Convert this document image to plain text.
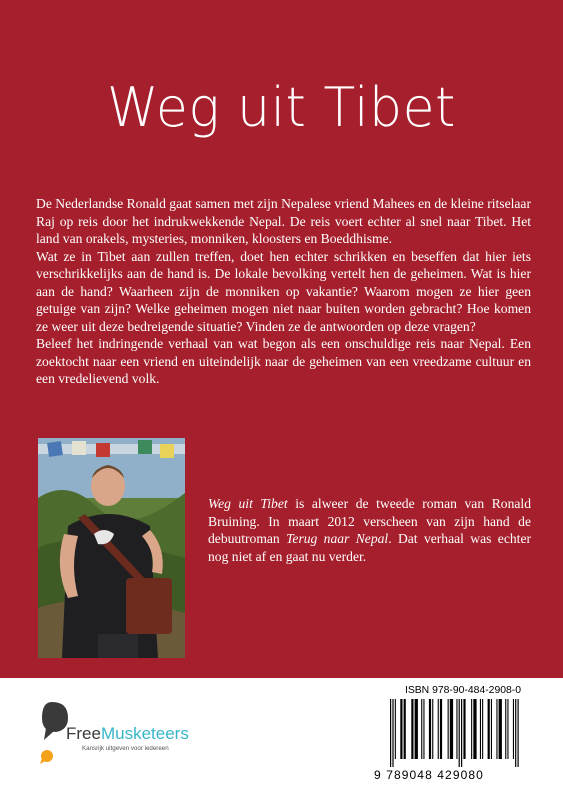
Weg uit Tibet

De Nederlandse Ronald gaat samen met zijn Nepalese vriend Mahees en de kleine ritselaar Raj op reis door het indrukwekkende Nepal. De reis voert echter al snel naar Tibet. Het land van orakels, mysteries, monniken, kloosters en Boeddhisme.

Wat ze in Tibet aan zullen treffen, doet hen echter schrikken en beseffen dat hier iets verschrikkelijks aan de hand is. De lokale bevolking vertelt hen de geheimen. Wat is hier aan de hand? Waarheen zijn de monniken op vakantie? Waarom mogen ze hier geen getuige van zijn? Welke geheimen mogen niet naar buiten worden gebracht? Hoe komen ze weer uit deze bedreigende situatie? Vinden ze de antwoorden op deze vragen?

Beleef het indringende verhaal van wat begon als een onschuldige reis naar Nepal. Een zoektocht naar een vriend en uiteindelijk naar de geheimen van een vreedzame cultuur en een vredelievend volk.

Weg uit Tibet is alweer de tweede roman van Ronald Bruining. In maart 2012 verscheen van zijn hand de debuutroman Terug naar Nepal. Dat verhaal was echter nog niet af en gaat nu verder.
FreeMusketeers
Kansrijk uitgeven voor iedereen
ISBN 978-90-484-2908-0
9 789048 429080
